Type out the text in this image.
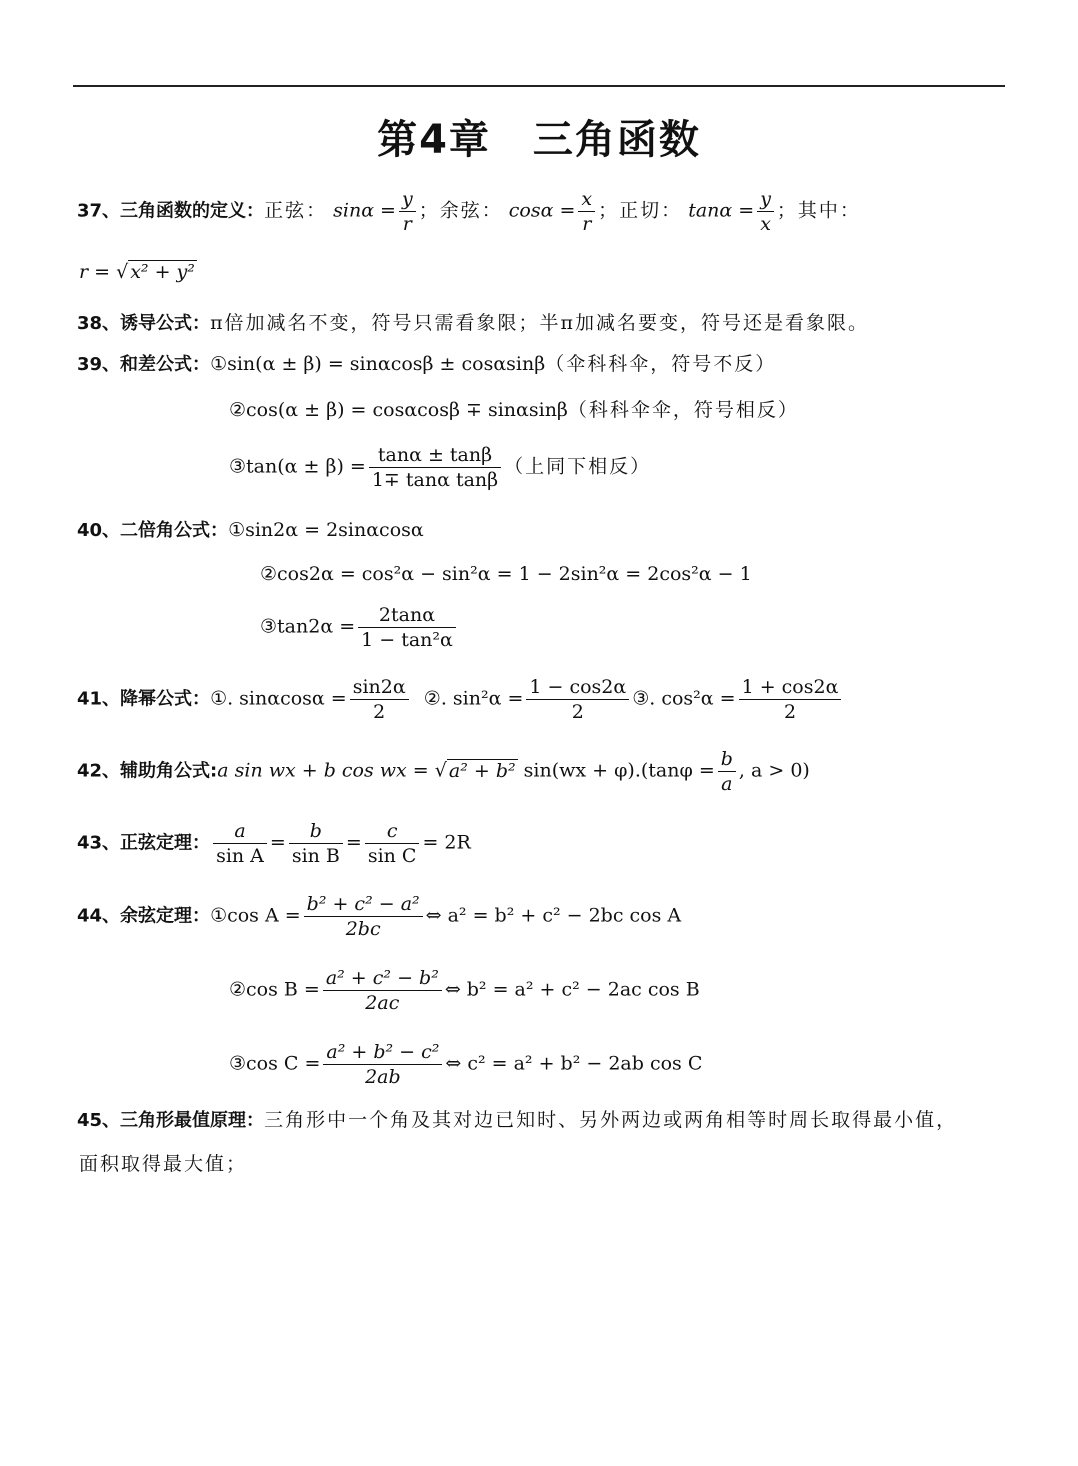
第4章　三角函数
37、三角函数的定义：正弦： $\sin\alpha = \frac{y}{r}$ ；余弦： $\cos\alpha = \frac{x}{r}$ ；正切： $\tan\alpha = \frac{y}{x}$ ；其中：
r = √ x² + y²
38、诱导公式：π倍加减名不变，符号只需看象限；半π加减名要变，符号还是看象限。
39、和差公式：①sin(α ± β) = sinαcosβ ± cosαsinβ（伞科科伞，符号不反）
②cos(α ± β) = cosαcosβ ∓ sinαsinβ（科科伞伞，符号相反）
③tan(α ± $\beta) = \frac{\tan\alpha \pm \tan\beta}{\text{1∓ tanα tanβ}}$ （上同下相反）
40、二倍角公式：①sin2α = 2sinαcosα
②cos2α = cos²α − sin²α = 1 − 2sin²α = 2cos²α − 1
③tan2α = $\frac{2\tan\alpha}{\text{1 − tan²α}}$
41、降幂公式：①. $\sin\alpha\cos\alpha = \frac{\sin 2\alpha}{2}$ ②. $\sin^2\alpha = \frac{1 - \cos 2\alpha}{2}$ ③. $\cos^2\alpha = \frac{1 + \cos 2\alpha}{2}$
42、辅助角公式:a sin wx + b cos wx = √ a² + b² $\sin(wx + \varphi).(\tan\varphi = \frac{b}{a}$ , a > 0)
43、正弦定理： $\frac{a}{\text{sin A}} = \frac{b}{\text{sin B}} = \frac{c}{\text{sin C}} = 2R$
44、余弦定理：①cos $A = \frac{\text{b² + c² − a²}}{2bc}$ ⇔ a² = b² + c² − 2bc cos A
②cos $B = \frac{\text{a² + c² − b²}}{2ac}$ ⇔ b² = a² + c² − 2ac cos B
③cos $C = \frac{\text{a² + b² − c²}}{2ab}$ ⇔ c² = a² + b² − 2ab cos C
45、三角形最值原理：三角形中一个角及其对边已知时、另外两边或两角相等时周长取得最小值，
面积取得最大值；
